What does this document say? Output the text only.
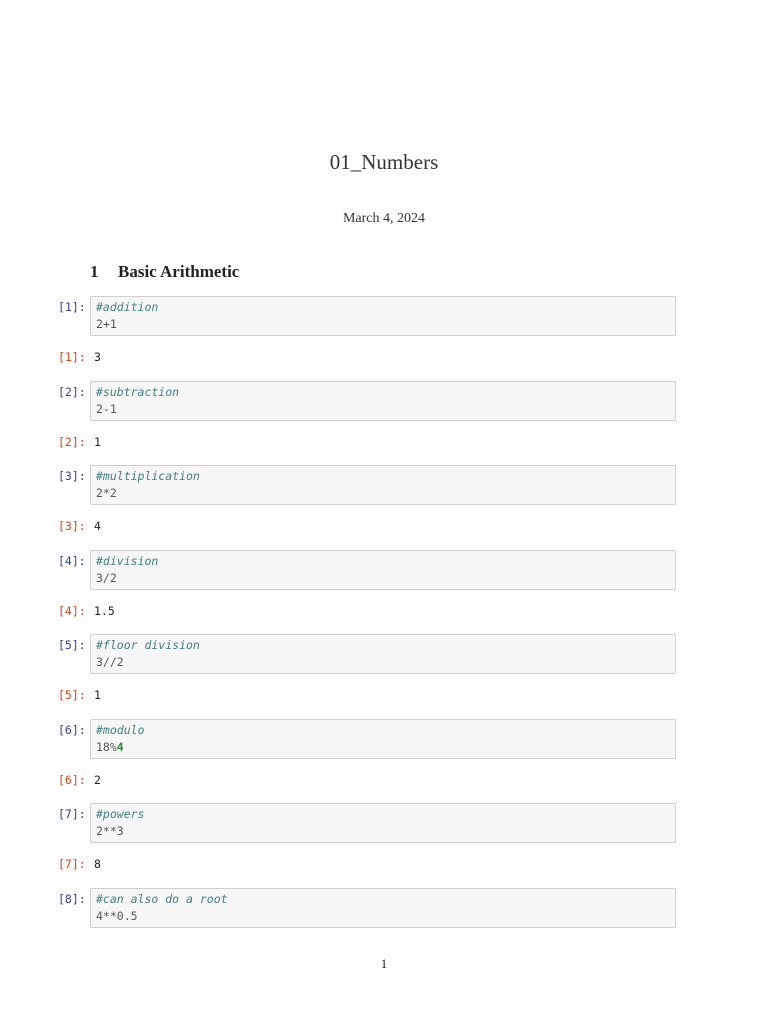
01_Numbers
March 4, 2024
1 Basic Arithmetic
[1]: #addition
2+1
[1]: 3
[2]: #subtraction
2-1
[2]: 1
[3]: #multiplication
2*2
[3]: 4
[4]: #division
3/2
[4]: 1.5
[5]: #floor division
3//2
[5]: 1
[6]: #modulo
18%4
[6]: 2
[7]: #powers
2**3
[7]: 8
[8]: #can also do a root
4**0.5
1
